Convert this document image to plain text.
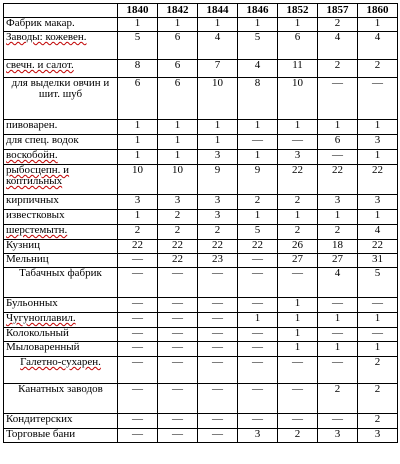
	1840	1842	1844	1846	1852	1857	1860
Фабрик макар.	1	1	1	1	1	2	1
Заводы: кожевен.	5	6	4	5	6	4	4
свечн. и салот.	8	6	7	4	11	2	2
для выделки овчин и шит. шуб	6	6	10	8	10	—	—
пивоварен.	1	1	1	1	1	1	1
для спец. водок	1	1	1	—	—	6	3
воскобойн.	1	1	3	1	3	—	1
рыбосцепн. и коптильных	10	10	9	9	22	22	22
кирпичных	3	3	3	2	2	3	3
известковых	1	2	3	1	1	1	1
шерстемытн.	2	2	2	5	2	2	4
Кузниц	22	22	22	22	26	18	22
Мельниц	—	22	23	—	27	27	31
Табачных фабрик	—	—	—	—	—	4	5
Бульонных	—	—	—	—	1	—	—
Чугуноплавил.	—	—	—	1	1	1	1
Колокольный	—	—	—	—	1	—	—
Мыловаренный	—	—	—	—	1	1	1
Галетно-сухарен.	—	—	—	—	—	—	2
Канатных заводов	—	—	—	—	—	2	2
Кондитерских	—	—	—	—	—	—	2
Торговые бани	—	—	—	3	2	3	3
